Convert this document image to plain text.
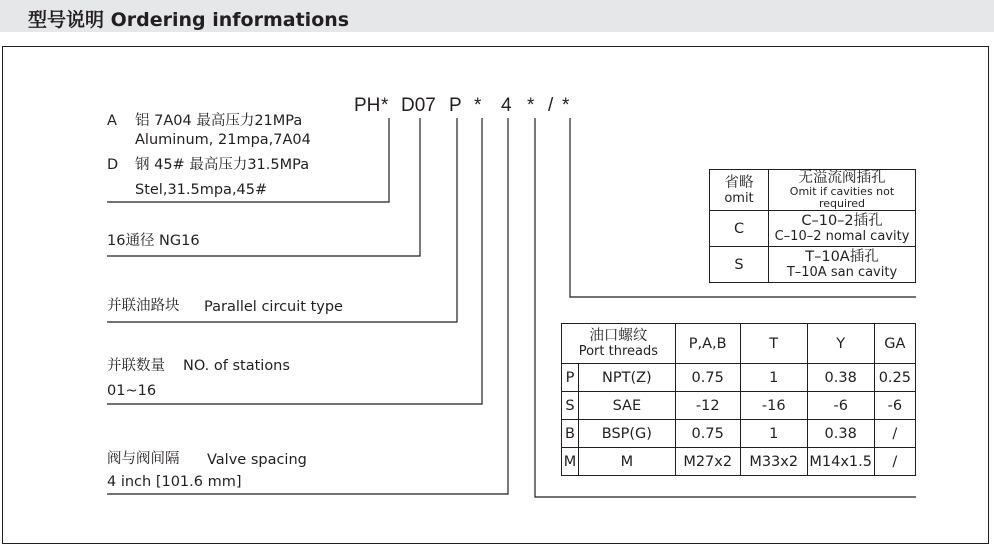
型号说明 Ordering informations
PH * D07 P * 4 * / *
A 铝 7A04 最高压力21MPa
Aluminum, 21mpa,7A04
D 钢 45# 最高压力31.5MPa
Stel,31.5mpa,45#
16通径 NG16
并联油路块 Parallel circuit type
并联数量 NO. of stations
01~16
阀与阀间隔 Valve spacing
4 inch [101.6 mm]
省略
omit	无溢流阀插孔
Omit if cavities not required

C	C–10–2插孔
C–10–2 nomal cavity

S	T–10A插孔
T–10A san cavity
油口螺纹
Port threads		P,A,B	T	Y	GA
P	NPT(Z)	0.75	1	0.38	0.25
S	SAE	-12	-16	-6	-6
B	BSP(G)	0.75	1	0.38	/
M	M	M27x2	M33x2	M14x1.5	/
